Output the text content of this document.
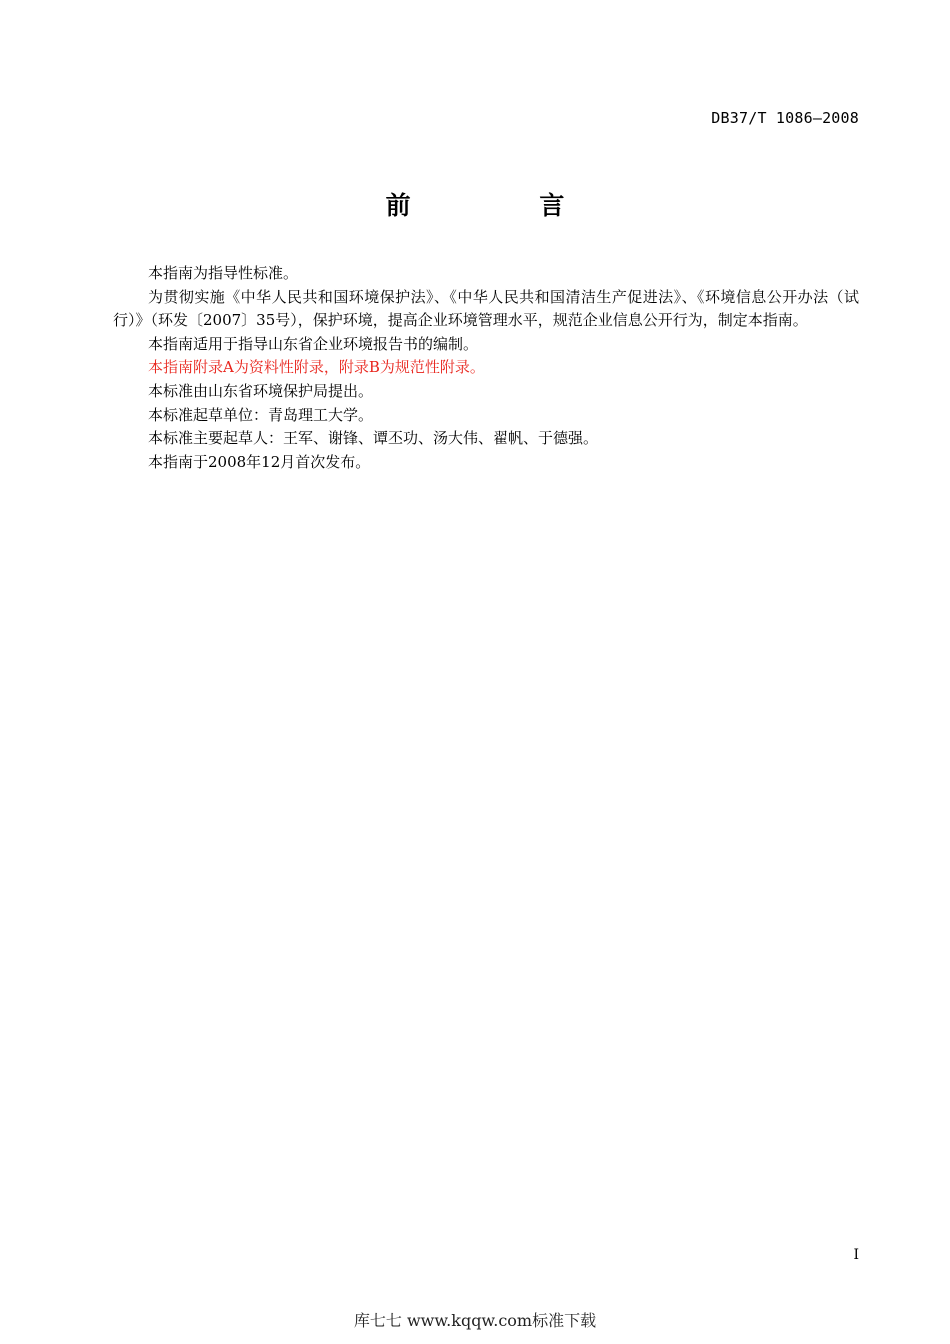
DB37/T 1086—2008
前 言

本指南为指导性标准。

为贯彻实施《中华人民共和国环境保护法》、《中华人民共和国清洁生产促进法》、《环境信息公开办法（试行）》（环发〔2007〕35号），保护环境，提高企业环境管理水平，规范企业信息公开行为，制定本指南。

本指南适用于指导山东省企业环境报告书的编制。

本指南附录A为资料性附录，附录B为规范性附录。

本标准由山东省环境保护局提出。

本标准起草单位：青岛理工大学。

本标准主要起草人：王军、谢锋、谭丕功、汤大伟、翟帆、于德强。

本指南于2008年12月首次发布。

I
库七七 www.kqqw.com标准下载
